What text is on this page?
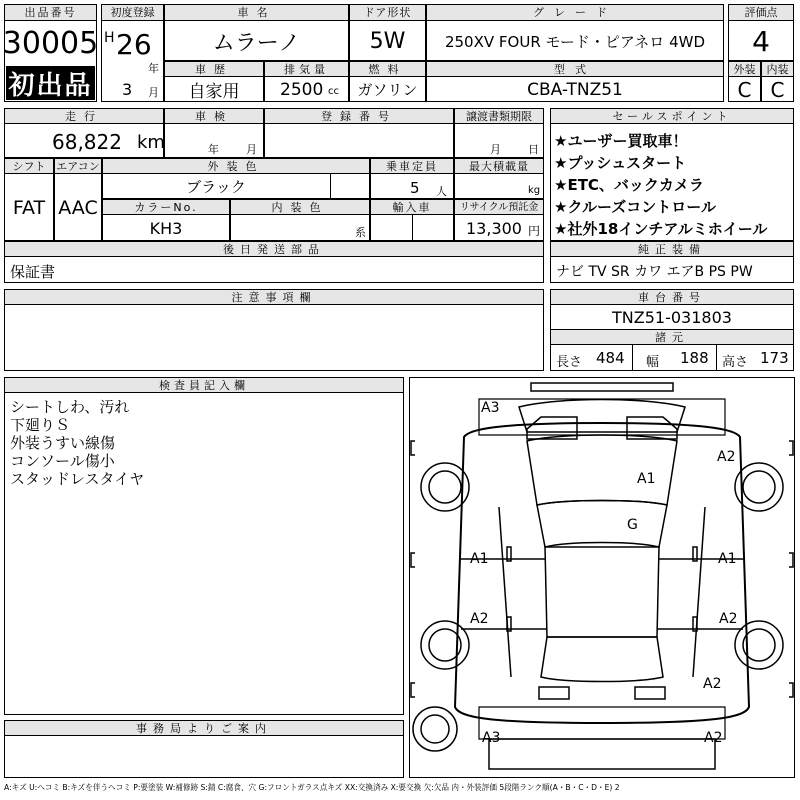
出品番号
30005
初出品
初度登録
H 26
年
3 月
車名
ムラーノ
ドア形状
5W
グレード
250XV FOUR モード・ピアネロ 4WD
評価点
4
車歴
自家用
排気量
2500 cc
燃料
ガソリン
型式
CBA-TNZ51
外装
C
内装
C
走行
68,822 km
車検
年 月
登録番号	譲渡書類期限
月 日
シフト
FAT
エアコン
AAC
外装色
ブラック
乗車定員
5 人
最大積載量
kg
カラーNo.
KH3
内装色
系
輸入車	リサイクル預託金
13,300 円
後日発送部品
保証書
セールスポイント
★ユーザー買取車！
★プッシュスタート
★ETC、バックカメラ
★クルーズコントロール
★社外18インチアルミホイール
純正装備
ナビ TV SR カワ エアB PS PW
注意事項欄	車台番号
TNZ51-031803
諸元
長さ 484 幅 188 高さ 173
検査員記入欄
シートしわ、汚れ
下廻りＳ
外装うすい線傷
コンソール傷小
スタッドレスタイヤ
事務局よりご案内
A3
A2
A1
G
A1	A1
A2	A2
A2
A3	A2
A:キズ U:ヘコミ B:キズを伴うヘコミ P:要塗装 W:補修跡 S:錆 C:腐食、穴 G:フロントガラス点キズ XX:交換済み X:要交換 欠:欠品 内・外装評価 5段階ランク順(A・B・C・D・E) 2
